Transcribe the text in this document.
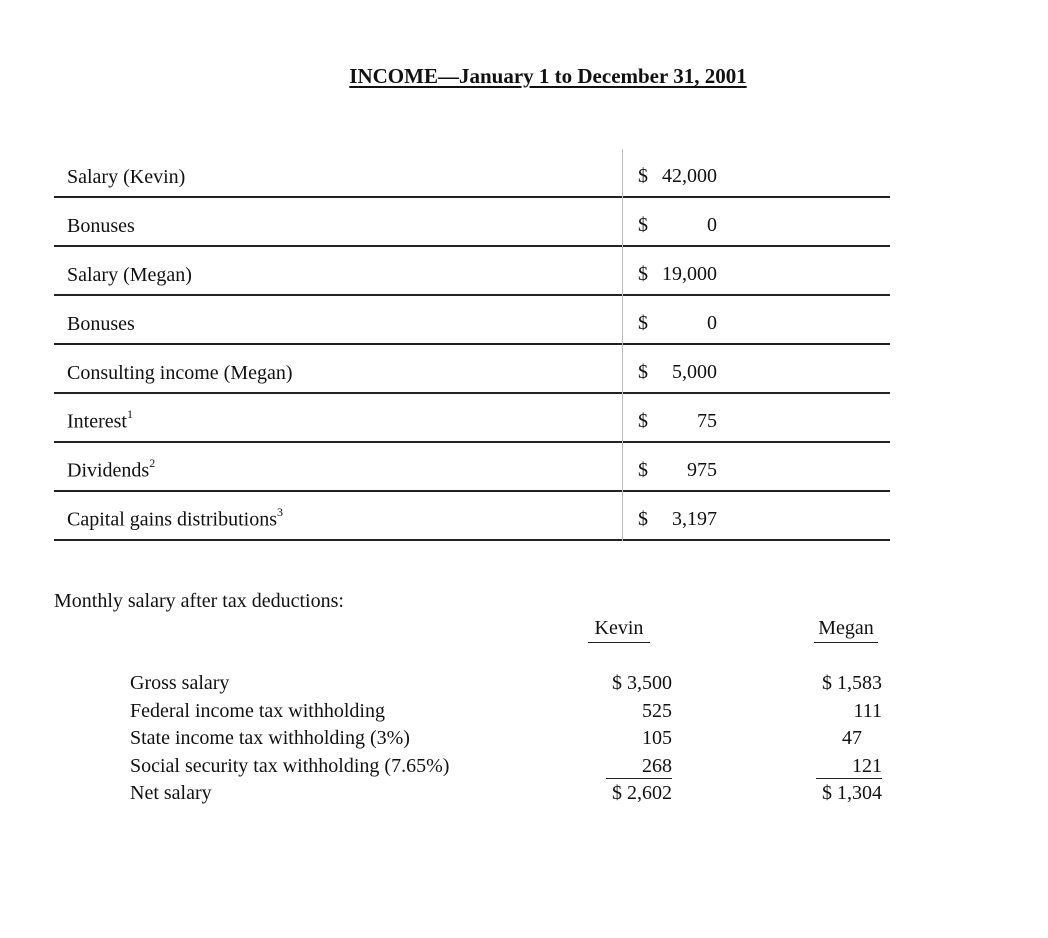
INCOME—January 1 to December 31, 2001
Salary (Kevin)	$ 42,000
Bonuses	$	0
Salary (Megan)	$ 19,000
Bonuses	$	0
Consulting income (Megan)	$ 5,000
Interest$^1$	$ 75
Dividends$^2$	$ 975
Capital gains distributions$^3$	$ 3,197
Monthly salary after tax deductions:
Kevin	Megan
Gross salary	$ 3,500	$ 1,583
Federal income tax withholding	525	111
State income tax withholding (3%)	105	47
Social security tax withholding (7.65%)	268	121
Net salary	$ 2,602	$ 1,304
